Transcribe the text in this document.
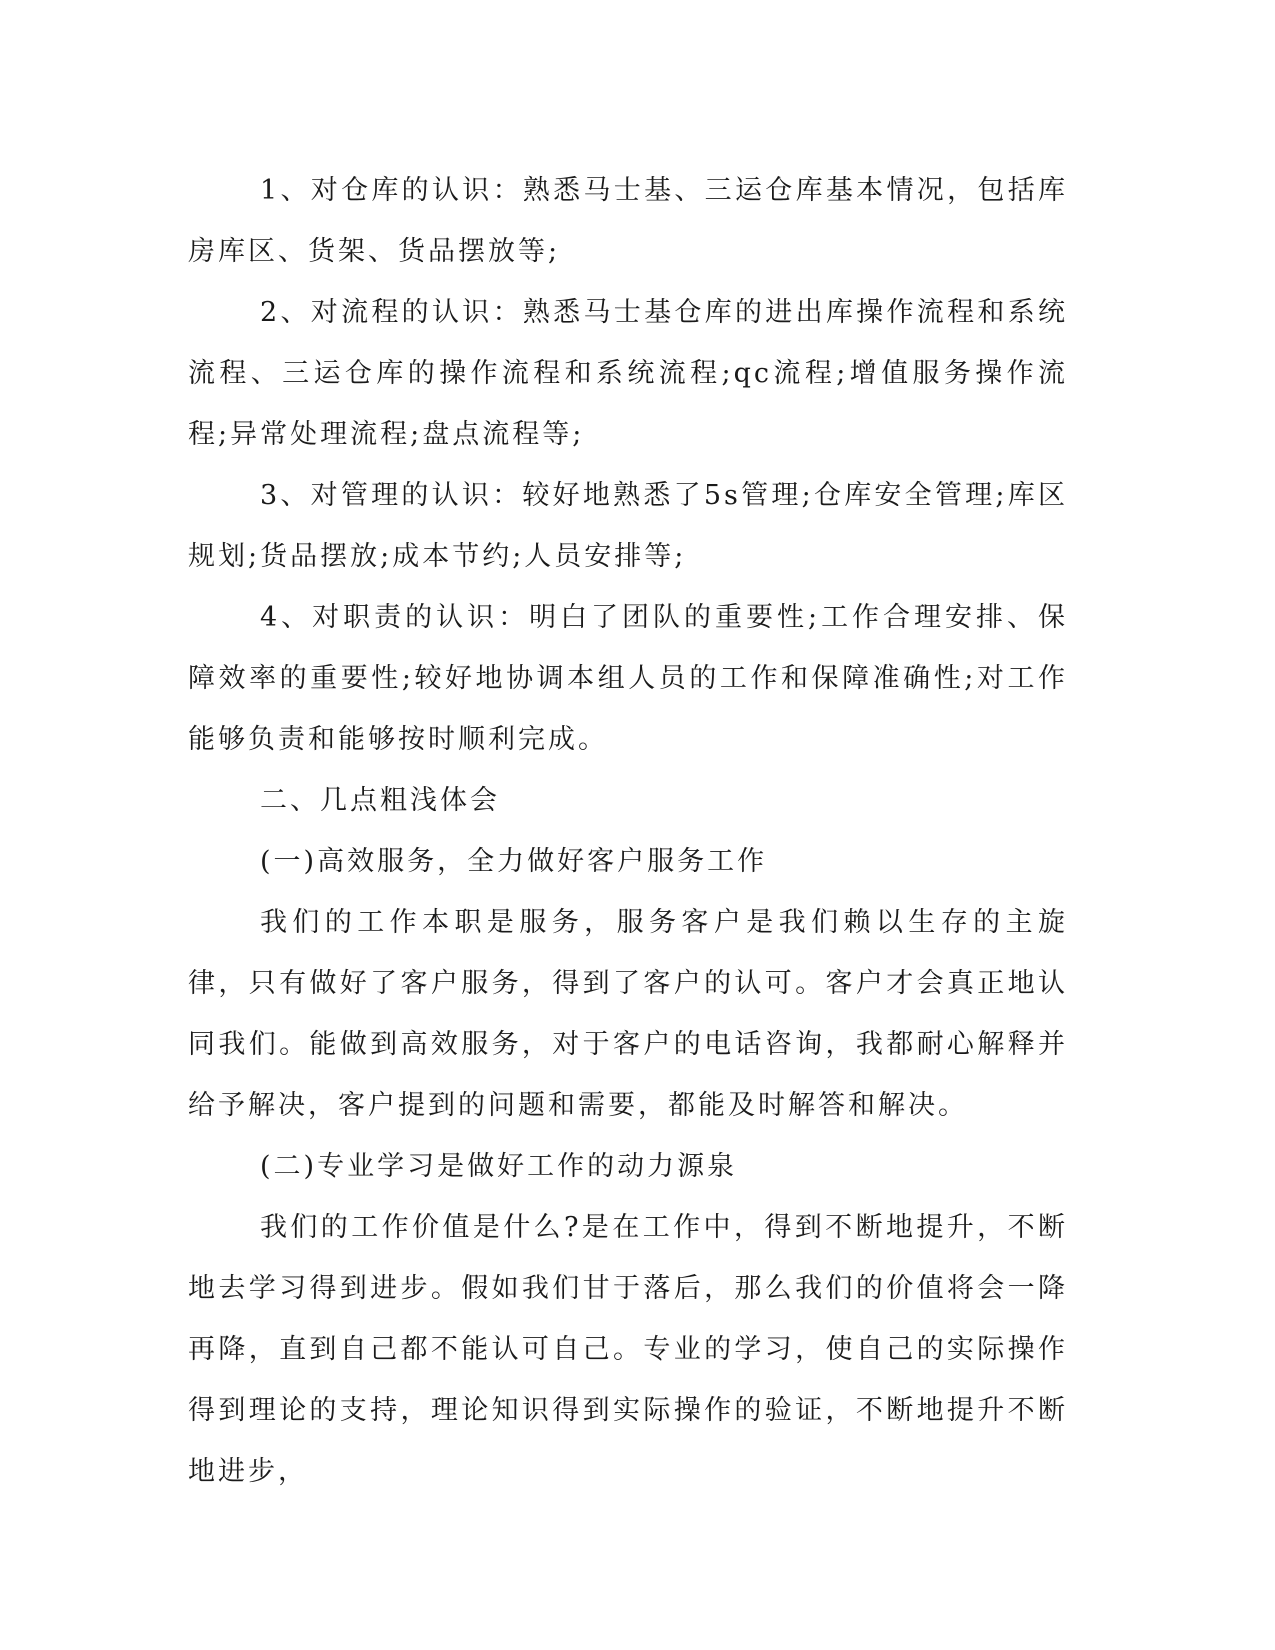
1、对仓库的认识：熟悉马士基、三运仓库基本情况，包括库房库区、货架、货品摆放等;

2、对流程的认识：熟悉马士基仓库的进出库操作流程和系统流程、三运仓库的操作流程和系统流程;qc流程;增值服务操作流程;异常处理流程;盘点流程等;

3、对管理的认识：较好地熟悉了5s管理;仓库安全管理;库区规划;货品摆放;成本节约;人员安排等;

4、对职责的认识：明白了团队的重要性;工作合理安排、保障效率的重要性;较好地协调本组人员的工作和保障准确性;对工作能够负责和能够按时顺利完成。

二、几点粗浅体会

(一)高效服务，全力做好客户服务工作

我们的工作本职是服务，服务客户是我们赖以生存的主旋律，只有做好了客户服务，得到了客户的认可。客户才会真正地认同我们。能做到高效服务，对于客户的电话咨询，我都耐心解释并给予解决，客户提到的问题和需要，都能及时解答和解决。

(二)专业学习是做好工作的动力源泉

我们的工作价值是什么?是在工作中，得到不断地提升，不断地去学习得到进步。假如我们甘于落后，那么我们的价值将会一降再降，直到自己都不能认可自己。专业的学习，使自己的实际操作得到理论的支持，理论知识得到实际操作的验证，不断地提升不断地进步，
